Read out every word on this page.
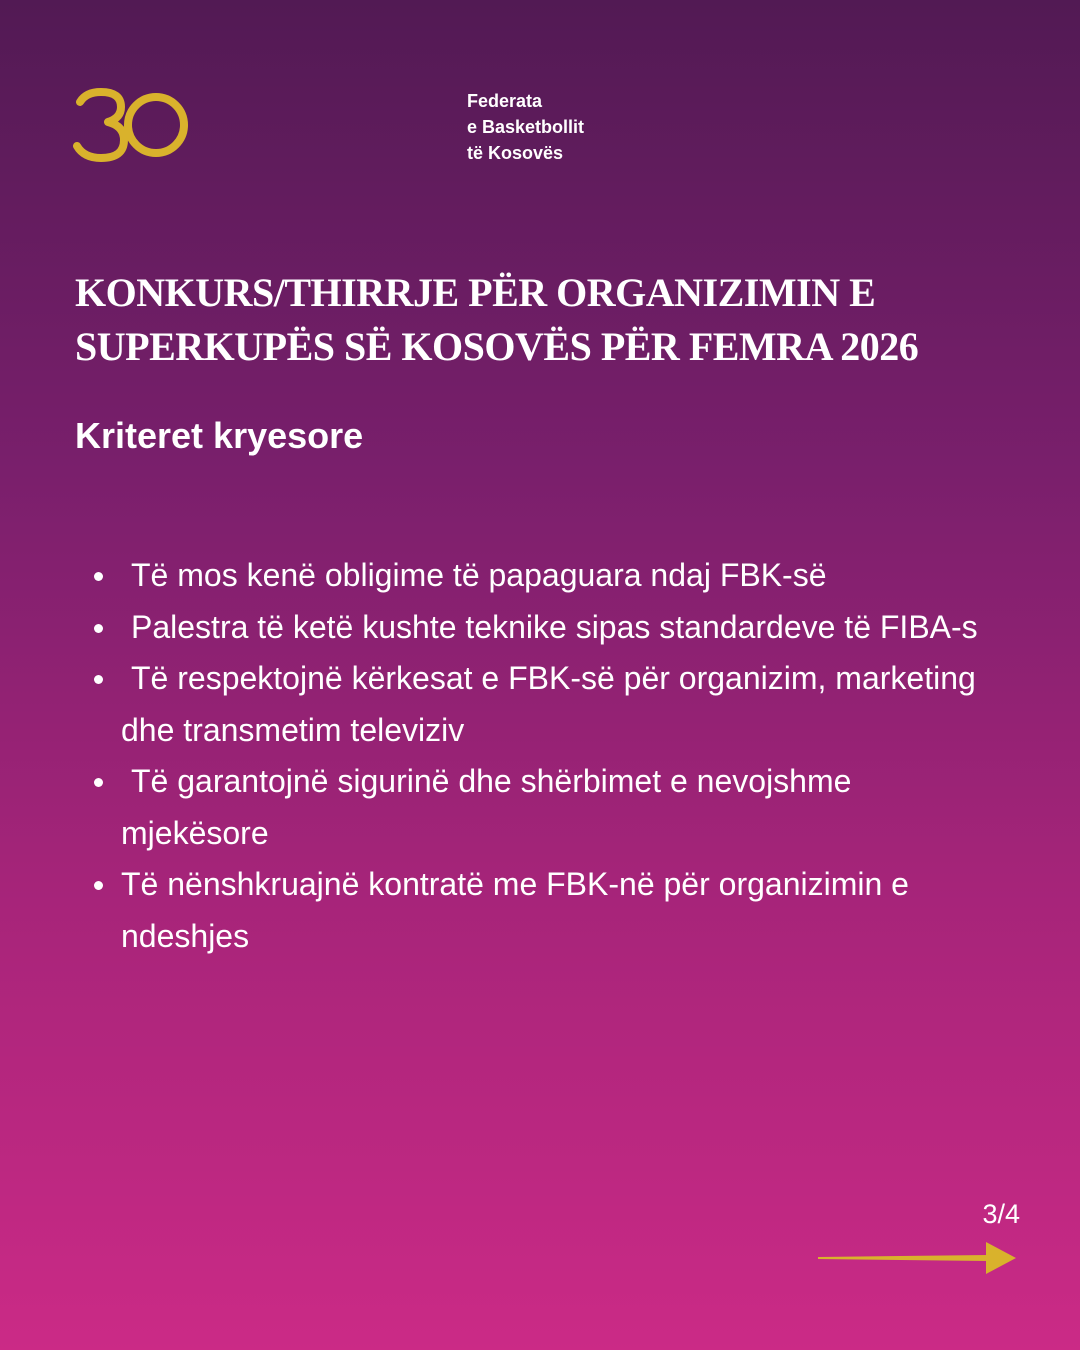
Federata
e Basketbollit
të Kosovës
KONKURS/THIRRJE PËR ORGANIZIMIN E
SUPERKUPËS SË KOSOVËS PËR FEMRA 2026
Kriteret kryesore
Të mos kenë obligime të papaguara ndaj FBK-së
Palestra të ketë kushte teknike sipas standardeve të FIBA-s
Të respektojnë kërkesat e FBK-së për organizim, marketing dhe transmetim televiziv
Të garantojnë sigurinë dhe shërbimet e nevojshme mjekësore
Të nënshkruajnë kontratë me FBK-në për organizimin e ndeshjes
3/4
